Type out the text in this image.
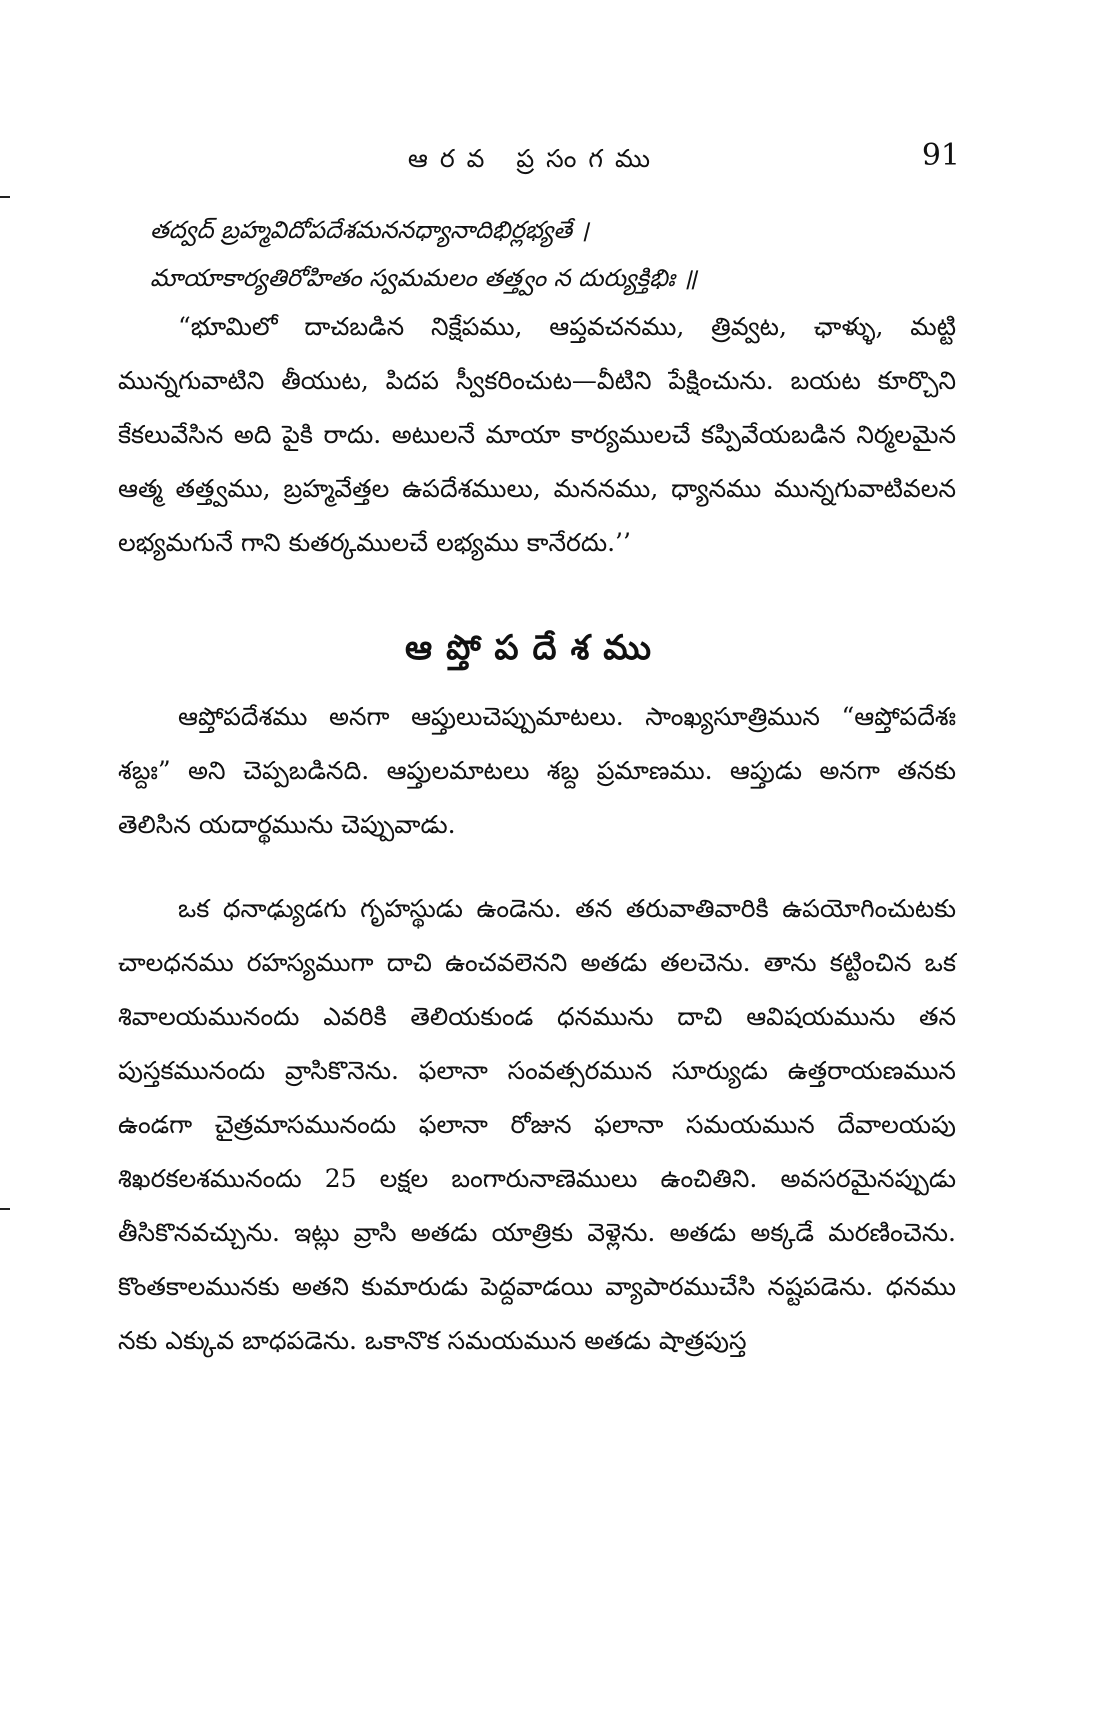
ఆరవ ప్రసంగము	91
తద్వద్ బ్రహ్మవిదోపదేశమననధ్యానాదిభిర్లభ్యతే ।
మాయాకార్యతిరోహితం స్వమమలం తత్త్వం న దుర్యుక్తిభిః ॥
“భూమిలో దాచబడిన నిక్షేపము, ఆప్తవచనము, త్రివ్వట, ఛాళ్ళు, మట్టి మున్నగువాటిని తీయుట, పిదప స్వీకరించుట—వీటిని పేక్షించును. బయట కూర్చొని కేకలువేసిన అది పైకి రాదు. అటులనే మాయా కార్యములచే కప్పివేయబడిన నిర్మలమైన ఆత్మ తత్త్వము, బ్రహ్మవేత్తల ఉపదేశములు, మననము, ధ్యానము మున్నగువాటివలన లభ్యమగునే గాని కుతర్కములచే లభ్యము కానేరదు.’’
ఆప్తోపదేశము
ఆప్తోపదేశము అనగా ఆప్తులుచెప్పుమాటలు. సాంఖ్యసూత్రిమున “ఆప్తోపదేశః శబ్దః” అని చెప్పబడినది. ఆప్తులమాటలు శబ్ద ప్రమాణము. ఆప్తుడు అనగా తనకు తెలిసిన యదార్థమును చెప్పువాడు.
ఒక ధనాఢ్యుడగు గృహస్థుడు ఉండెను. తన తరువాతివారికి ఉపయోగించుటకు చాలధనము రహస్యముగా దాచి ఉంచవలెనని అతడు తలచెను. తాను కట్టించిన ఒక శివాలయమునందు ఎవరికి తెలియకుండ ధనమును దాచి ఆవిషయమును తన పుస్తకమునందు వ్రాసికొనెను. ఫలానా సంవత్సరమున సూర్యుడు ఉత్తరాయణమున ఉండగా చైత్రమాసమునందు ఫలానా రోజున ఫలానా సమయమున దేవాలయపు శిఖరకలశమునందు 25 లక్షల బంగారునాణెములు ఉంచితిని. అవసరమైనప్పుడు తీసికొనవచ్చును. ఇట్లు వ్రాసి అతడు యాత్రికు వెళ్లెను. అతడు అక్కడే మరణించెను. కొంతకాలమునకు అతని కుమారుడు పెద్దవాడయి వ్యాపారముచేసి నష్టపడెను. ధనము నకు ఎక్కువ బాధపడెను. ఒకానొక సమయమున అతడు షాత్రపుస్త
